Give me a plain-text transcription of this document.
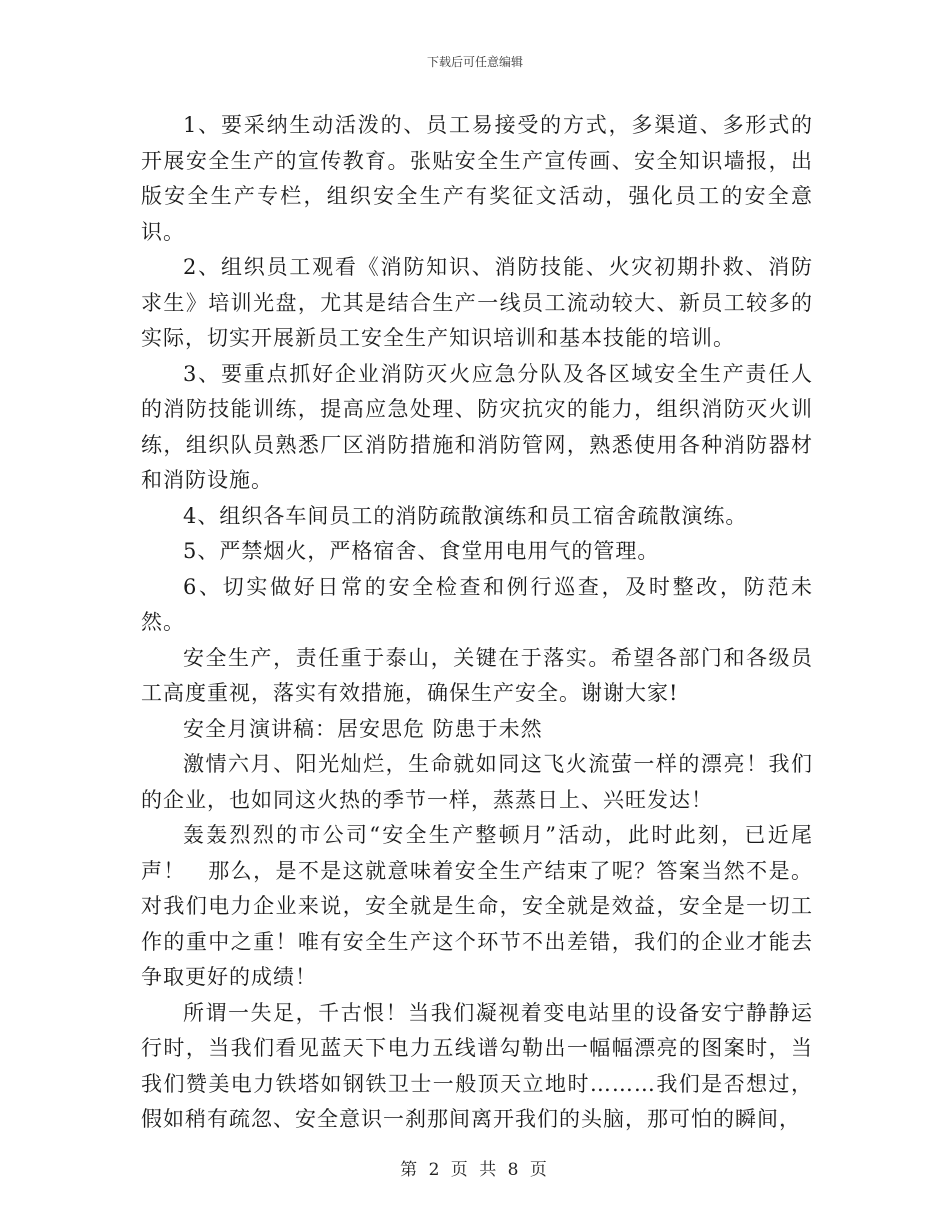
下载后可任意编辑

1、要采纳生动活泼的、员工易接受的方式，多渠道、多形式的开展安全生产的宣传教育。张贴安全生产宣传画、安全知识墙报，出版安全生产专栏，组织安全生产有奖征文活动，强化员工的安全意识。

2、组织员工观看《消防知识、消防技能、火灾初期扑救、消防求生》培训光盘，尤其是结合生产一线员工流动较大、新员工较多的实际，切实开展新员工安全生产知识培训和基本技能的培训。

3、要重点抓好企业消防灭火应急分队及各区域安全生产责任人的消防技能训练，提高应急处理、防灾抗灾的能力，组织消防灭火训练，组织队员熟悉厂区消防措施和消防管网，熟悉使用各种消防器材和消防设施。

4、组织各车间员工的消防疏散演练和员工宿舍疏散演练。

5、严禁烟火，严格宿舍、食堂用电用气的管理。

6、切实做好日常的安全检查和例行巡查，及时整改，防范未然。

安全生产，责任重于泰山，关键在于落实。希望各部门和各级员工高度重视，落实有效措施，确保生产安全。谢谢大家!

安全月演讲稿：居安思危 防患于未然

激情六月、阳光灿烂，生命就如同这飞火流萤一样的漂亮！我们的企业，也如同这火热的季节一样，蒸蒸日上、兴旺发达！

轰轰烈烈的市公司“安全生产整顿月”活动，此时此刻，已近尾声！　那么，是不是这就意味着安全生产结束了呢？答案当然不是。对我们电力企业来说，安全就是生命，安全就是效益，安全是一切工作的重中之重！唯有安全生产这个环节不出差错，我们的企业才能去争取更好的成绩！

所谓一失足，千古恨！当我们凝视着变电站里的设备安宁静静运行时，当我们看见蓝天下电力五线谱勾勒出一幅幅漂亮的图案时，当我们赞美电力铁塔如钢铁卫士一般顶天立地时………我们是否想过，假如稍有疏忽、安全意识一刹那间离开我们的头脑，那可怕的瞬间，

第 2 页 共 8 页
